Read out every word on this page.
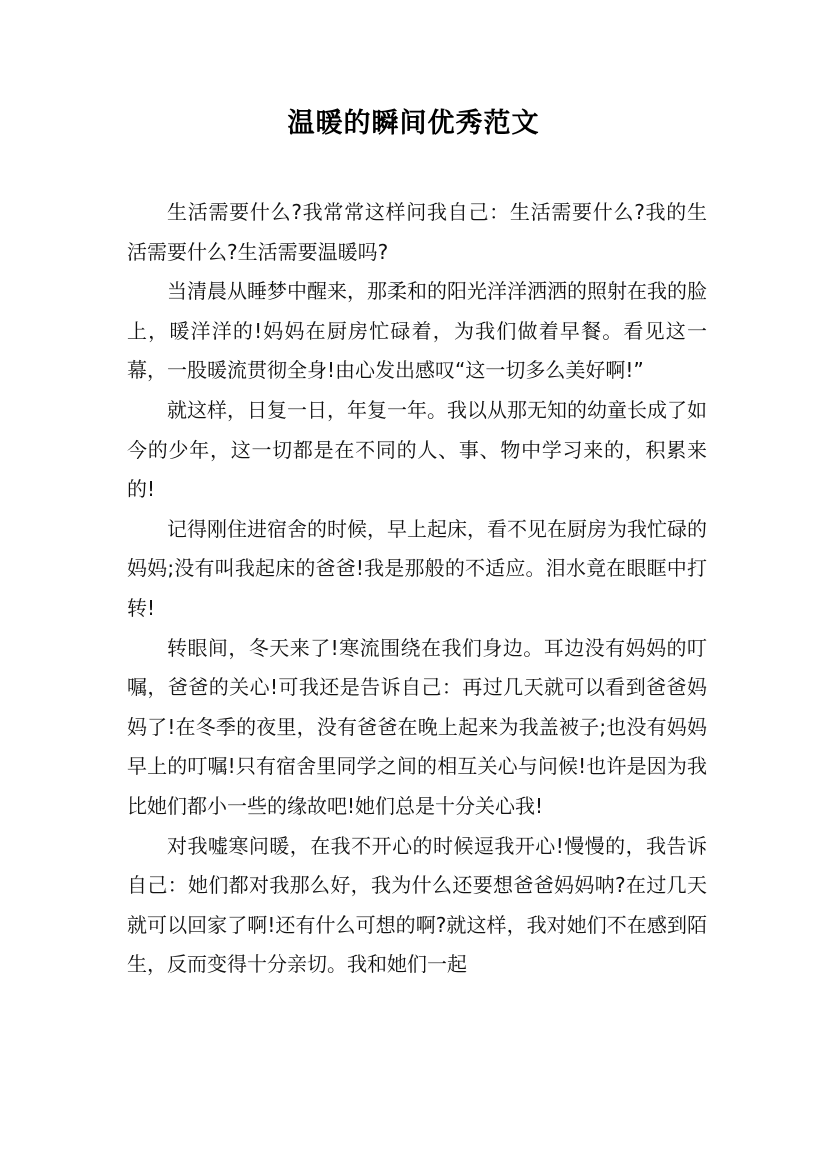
温暖的瞬间优秀范文

生活需要什么?我常常这样问我自己：生活需要什么?我的生活需要什么?生活需要温暖吗?

当清晨从睡梦中醒来，那柔和的阳光洋洋洒洒的照射在我的脸上，暖洋洋的!妈妈在厨房忙碌着，为我们做着早餐。看见这一幕，一股暖流贯彻全身!由心发出感叹“这一切多么美好啊!”

就这样，日复一日，年复一年。我以从那无知的幼童长成了如今的少年，这一切都是在不同的人、事、物中学习来的，积累来的!

记得刚住进宿舍的时候，早上起床，看不见在厨房为我忙碌的妈妈;没有叫我起床的爸爸!我是那般的不适应。泪水竟在眼眶中打转!

转眼间，冬天来了!寒流围绕在我们身边。耳边没有妈妈的叮嘱，爸爸的关心!可我还是告诉自己：再过几天就可以看到爸爸妈妈了!在冬季的夜里，没有爸爸在晚上起来为我盖被子;也没有妈妈早上的叮嘱!只有宿舍里同学之间的相互关心与问候!也许是因为我比她们都小一些的缘故吧!她们总是十分关心我!

对我嘘寒问暖，在我不开心的时候逗我开心!慢慢的，我告诉自己：她们都对我那么好，我为什么还要想爸爸妈妈呐?在过几天就可以回家了啊!还有什么可想的啊?就这样，我对她们不在感到陌生，反而变得十分亲切。我和她们一起
